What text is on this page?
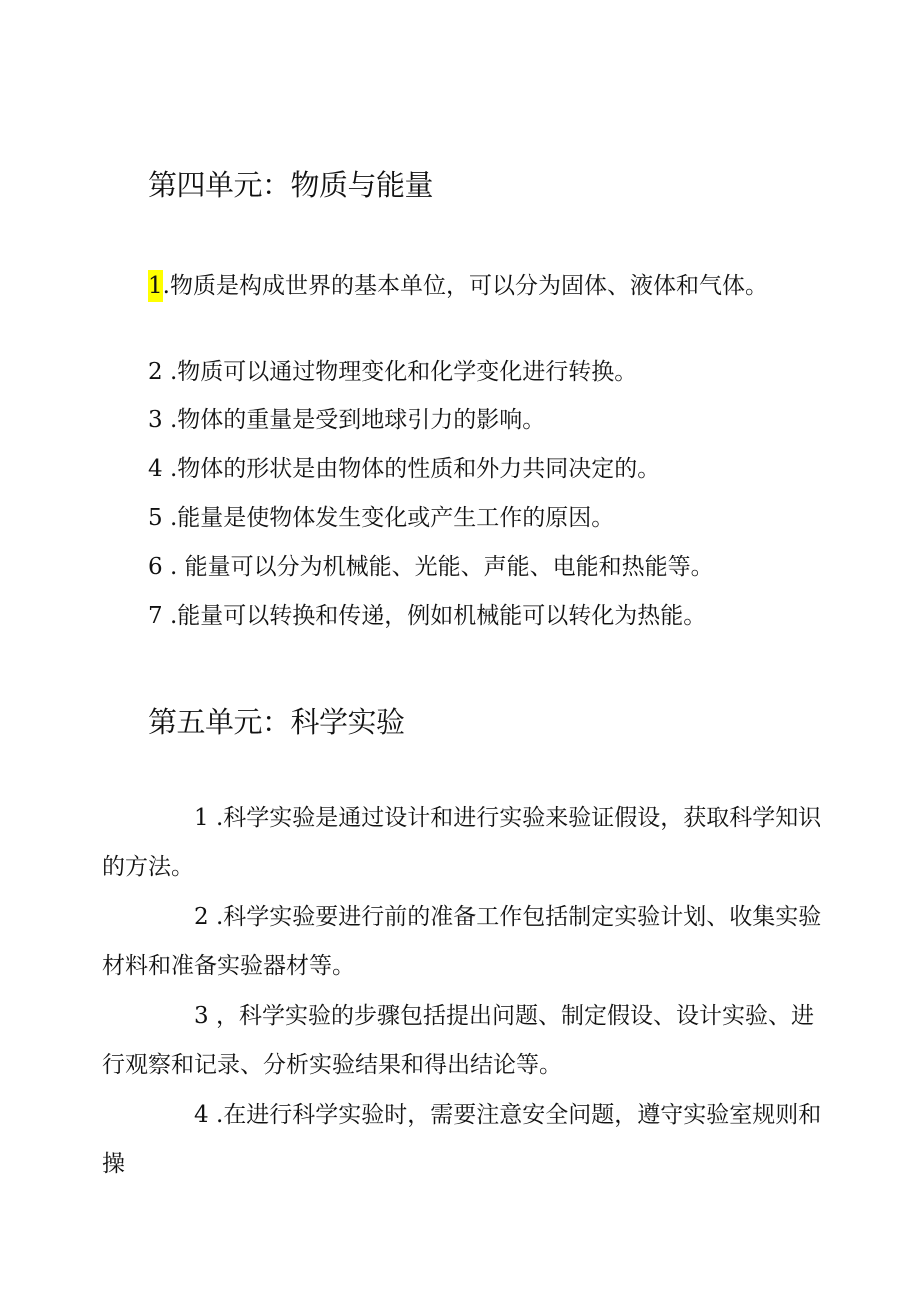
第四单元：物质与能量

1.物质是构成世界的基本单位，可以分为固体、液体和气体。

2 .物质可以通过物理变化和化学变化进行转换。

3 .物体的重量是受到地球引力的影响。

4 .物体的形状是由物体的性质和外力共同决定的。

5 .能量是使物体发生变化或产生工作的原因。

6 . 能量可以分为机械能、光能、声能、电能和热能等。

7 .能量可以转换和传递，例如机械能可以转化为热能。

第五单元：科学实验

1 .科学实验是通过设计和进行实验来验证假设，获取科学知识的方法。

2 .科学实验要进行前的准备工作包括制定实验计划、收集实验材料和准备实验器材等。

3 ，科学实验的步骤包括提出问题、制定假设、设计实验、进行观察和记录、分析实验结果和得出结论等。

4 .在进行科学实验时，需要注意安全问题，遵守实验室规则和操
